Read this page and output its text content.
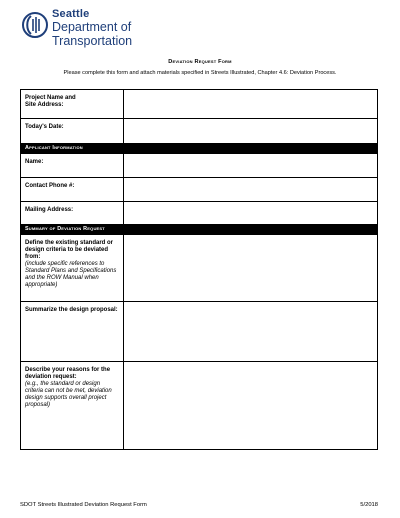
Seattle
Department of
Transportation
Deviation Request Form
Please complete this form and attach materials specified in Streets Illustrated, Chapter 4.6: Deviation Process.
Project Name and
Site Address:	

Today's Date:	

Applicant Information	

Name:	

Contact Phone #:	

Mailing Address:	

Summary of Deviation Request	

Define the existing standard or design criteria to be deviated from:
(include specific references to Standard Plans and Specifications and the ROW Manual when appropriate)	

Summarize the design proposal:	

Describe your reasons for the deviation request:
(e.g., the standard or design criteria can not be met, deviation design supports overall project proposal)	

SDOT Streets Illustrated Deviation Request Form	5/2018
